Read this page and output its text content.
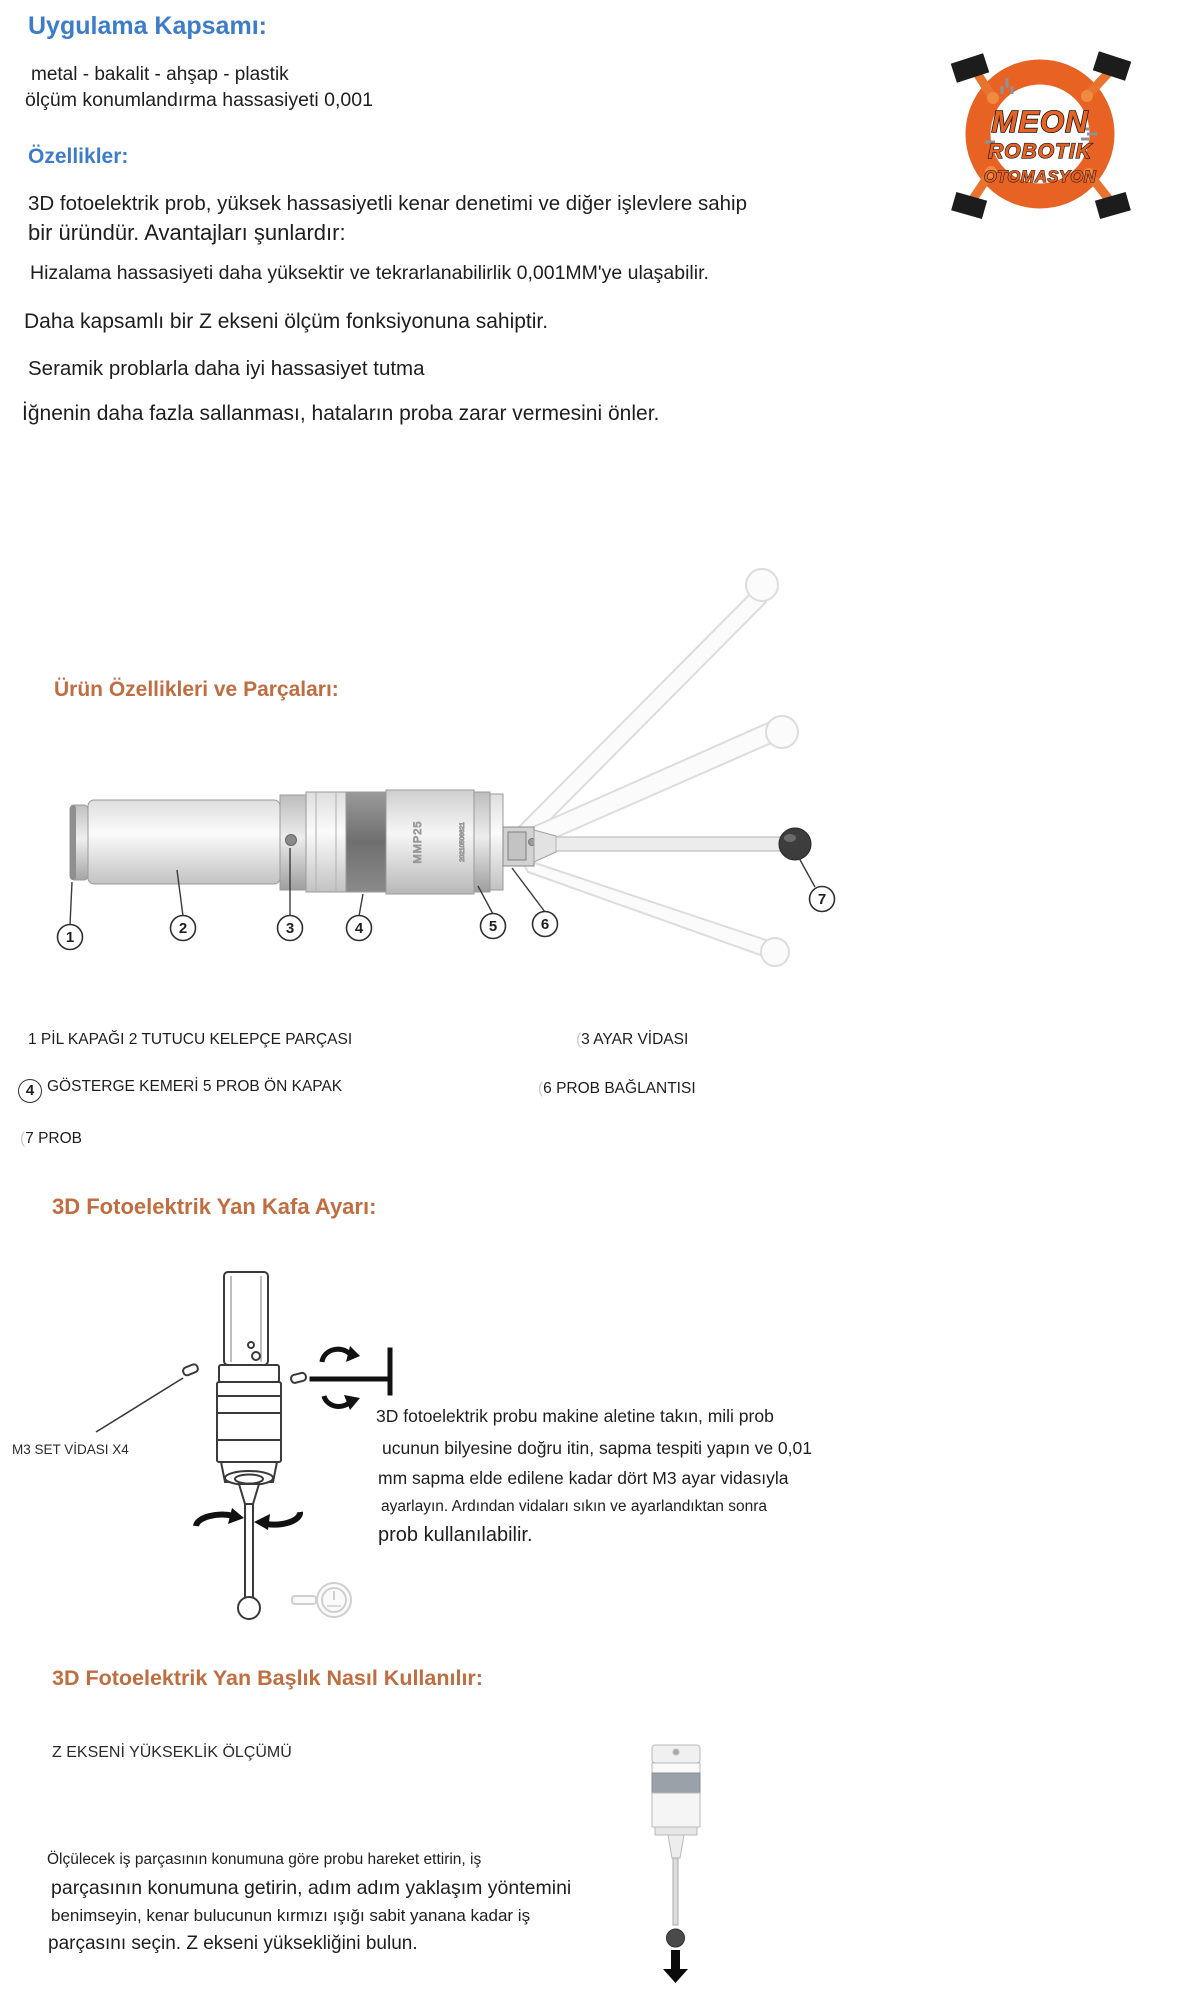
Uygulama Kapsamı:
metal - bakalit - ahşap - plastik
ölçüm konumlandırma hassasiyeti 0,001
Özellikler:
3D fotoelektrik prob, yüksek hassasiyetli kenar denetimi ve diğer işlevlere sahip
bir üründür. Avantajları şunlardır:
Hizalama hassasiyeti daha yüksektir ve tekrarlanabilirlik 0,001MM'ye ulaşabilir.
Daha kapsamlı bir Z ekseni ölçüm fonksiyonuna sahiptir.
Seramik problarla daha iyi hassasiyet tutma
İğnenin daha fazla sallanması, hataların proba zarar vermesini önler.
MEON
ROBOTIK
OTOMASYON
Ürün Özellikleri ve Parçaları:
MMP25	20210506621
1
2	3	4	5	6
7
1 PİL KAPAĞI 2 TUTUCU KELEPÇE PARÇASI	(3 AYAR VİDASI
4 GÖSTERGE KEMERİ 5 PROB ÖN KAPAK	(6 PROB BAĞLANTISI
(7 PROB
3D Fotoelektrik Yan Kafa Ayarı:
M3 SET VİDASI X4
3D fotoelektrik probu makine aletine takın, mili prob
ucunun bilyesine doğru itin, sapma tespiti yapın ve 0,01
mm sapma elde edilene kadar dört M3 ayar vidasıyla
ayarlayın. Ardından vidaları sıkın ve ayarlandıktan sonra
prob kullanılabilir.
3D Fotoelektrik Yan Başlık Nasıl Kullanılır:
Z EKSENİ YÜKSEKLİK ÖLÇÜMÜ
Ölçülecek iş parçasının konumuna göre probu hareket ettirin, iş
parçasının konumuna getirin, adım adım yaklaşım yöntemini
benimseyin, kenar bulucunun kırmızı ışığı sabit yanana kadar iş
parçasını seçin. Z ekseni yüksekliğini bulun.
